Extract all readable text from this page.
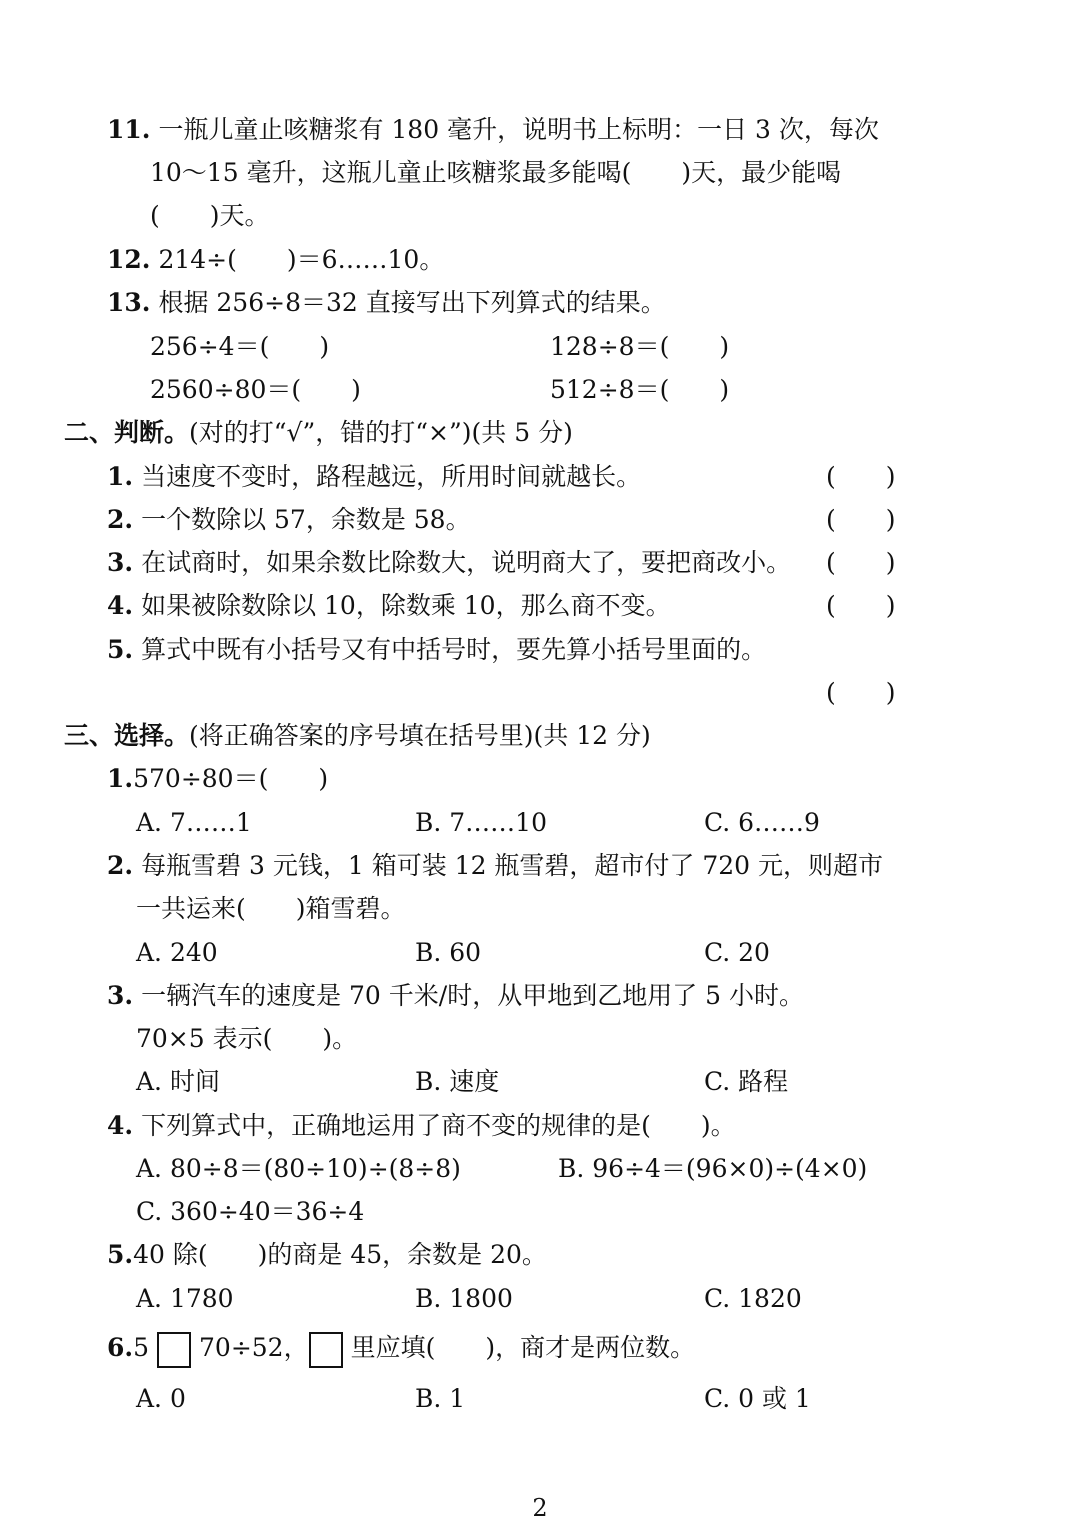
11. 一瓶儿童止咳糖浆有 180 毫升，说明书上标明：一日 3 次，每次
10～15 毫升，这瓶儿童止咳糖浆最多能喝(　　)天，最少能喝
(　　)天。
12. 214÷(　　)＝6……10。
13. 根据 256÷8＝32 直接写出下列算式的结果。
256÷4＝(　　)	128÷8＝(　　)
2560÷80＝(　　)	512÷8＝(　　)
二、判断。(对的打“√”，错的打“×”)(共 5 分)
1. 当速度不变时，路程越远，所用时间就越长。	(　　)
2. 一个数除以 57，余数是 58。	(　　)
3. 在试商时，如果余数比除数大，说明商大了，要把商改小。 (　　)
4. 如果被除数除以 10，除数乘 10，那么商不变。	(　　)
5. 算式中既有小括号又有中括号时，要先算小括号里面的。
(　　)
三、选择。(将正确答案的序号填在括号里)(共 12 分)
1.570÷80＝(　　)
A. 7……1	B. 7……10	C. 6……9
2. 每瓶雪碧 3 元钱，1 箱可装 12 瓶雪碧，超市付了 720 元，则超市
一共运来(　　)箱雪碧。
A. 240	B. 60	C. 20
3. 一辆汽车的速度是 70 千米/时，从甲地到乙地用了 5 小时。
70×5 表示(　　)。
A. 时间	B. 速度	C. 路程
4. 下列算式中，正确地运用了商不变的规律的是(　　)。
A. 80÷8＝(80÷10)÷(8÷8)	B. 96÷4＝(96×0)÷(4×0)
C. 360÷40＝36÷4
5.40 除(　　)的商是 45，余数是 20。
A. 1780	B. 1800	C. 1820
6.5 70÷52， 里应填(　　)，商才是两位数。
A. 0	B. 1	C. 0 或 1
2
